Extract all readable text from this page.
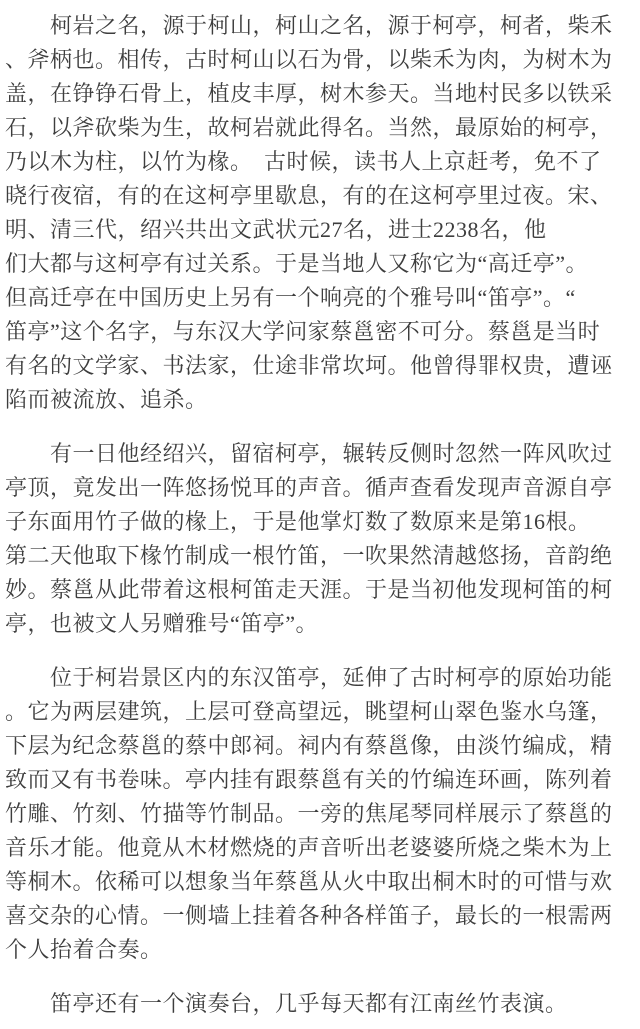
　　柯岩之名，源于柯山，柯山之名，源于柯亭，柯者，柴禾
、斧柄也。相传，古时柯山以石为骨，以柴禾为肉，为树木为
盖，在铮铮石骨上，植皮丰厚，树木参天。当地村民多以铁采
石，以斧砍柴为生，故柯岩就此得名。当然，最原始的柯亭，
乃以木为柱，以竹为椽。　古时候，读书人上京赶考，免不了
晓行夜宿，有的在这柯亭里歇息，有的在这柯亭里过夜。宋、
明、清三代，绍兴共出文武状元27名，进士2238名，他
们大都与这柯亭有过关系。于是当地人又称它为“高迁亭”。
但高迁亭在中国历史上另有一个响亮的个雅号叫“笛亭”。“
笛亭”这个名字，与东汉大学问家蔡邕密不可分。蔡邕是当时
有名的文学家、书法家，仕途非常坎坷。他曾得罪权贵，遭诬
陷而被流放、追杀。
　　有一日他经绍兴，留宿柯亭，辗转反侧时忽然一阵风吹过
亭顶，竟发出一阵悠扬悦耳的声音。循声查看发现声音源自亭
子东面用竹子做的椽上，于是他掌灯数了数原来是第16根。
第二天他取下椽竹制成一根竹笛，一吹果然清越悠扬，音韵绝
妙。蔡邕从此带着这根柯笛走天涯。于是当初他发现柯笛的柯
亭，也被文人另赠雅号“笛亭”。
　　位于柯岩景区内的东汉笛亭，延伸了古时柯亭的原始功能
。它为两层建筑，上层可登高望远，眺望柯山翠色鉴水乌篷，
下层为纪念蔡邕的蔡中郎祠。祠内有蔡邕像，由淡竹编成，精
致而又有书卷味。亭内挂有跟蔡邕有关的竹编连环画，陈列着
竹雕、竹刻、竹描等竹制品。一旁的焦尾琴同样展示了蔡邕的
音乐才能。他竟从木材燃烧的声音听出老婆婆所烧之柴木为上
等桐木。依稀可以想象当年蔡邕从火中取出桐木时的可惜与欢
喜交杂的心情。一侧墙上挂着各种各样笛子，最长的一根需两
个人抬着合奏。
　　笛亭还有一个演奏台，几乎每天都有江南丝竹表演。
